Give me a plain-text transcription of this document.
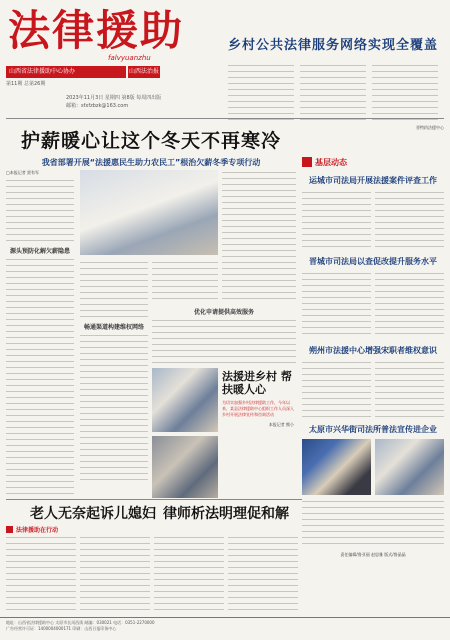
法律援助
falvyuanzhu
山西省法律援助中心协办	山西法治报
第11期 总第26期
2023年11月3日 星期四 第8版 每周四出版
邮箱：sfxfzbzk@163.com
乡村公共法律服务网络实现全覆盖
晋特约法援中心
护薪暖心让这个冬天不再寒冷
我省部署开展“法援惠民生助力农民工”根治欠薪冬季专项行动
□本报记者 贾有军
源头预防化解欠薪隐患
畅通渠道构建维权网络
优化申请提供高效服务
法援进乡村 帮扶暖人心
为切实加强乡村法律援助工作，今年以来，某县法律援助中心组织工作人员深入乡村开展法律宣传和咨询活动
本报记者 熊小
基层动态
运城市司法局开展法援案件评查工作
晋城市司法局以查促改提升服务水平
朔州市法援中心增强宋职者维权意识
太原市兴华街司法所普法宣传进企业
责任编辑/鲁亚丽 赵思雅 版式/鲁晶晶
老人无奈起诉儿媳妇 律师析法明理促和解
法律援助在行动
地址：山西省法律援助中心 太原市长风西街 邮编：030021 电话：0351-2270000
广告经营许可证：1400004000171 印刷：山西日报印务中心
